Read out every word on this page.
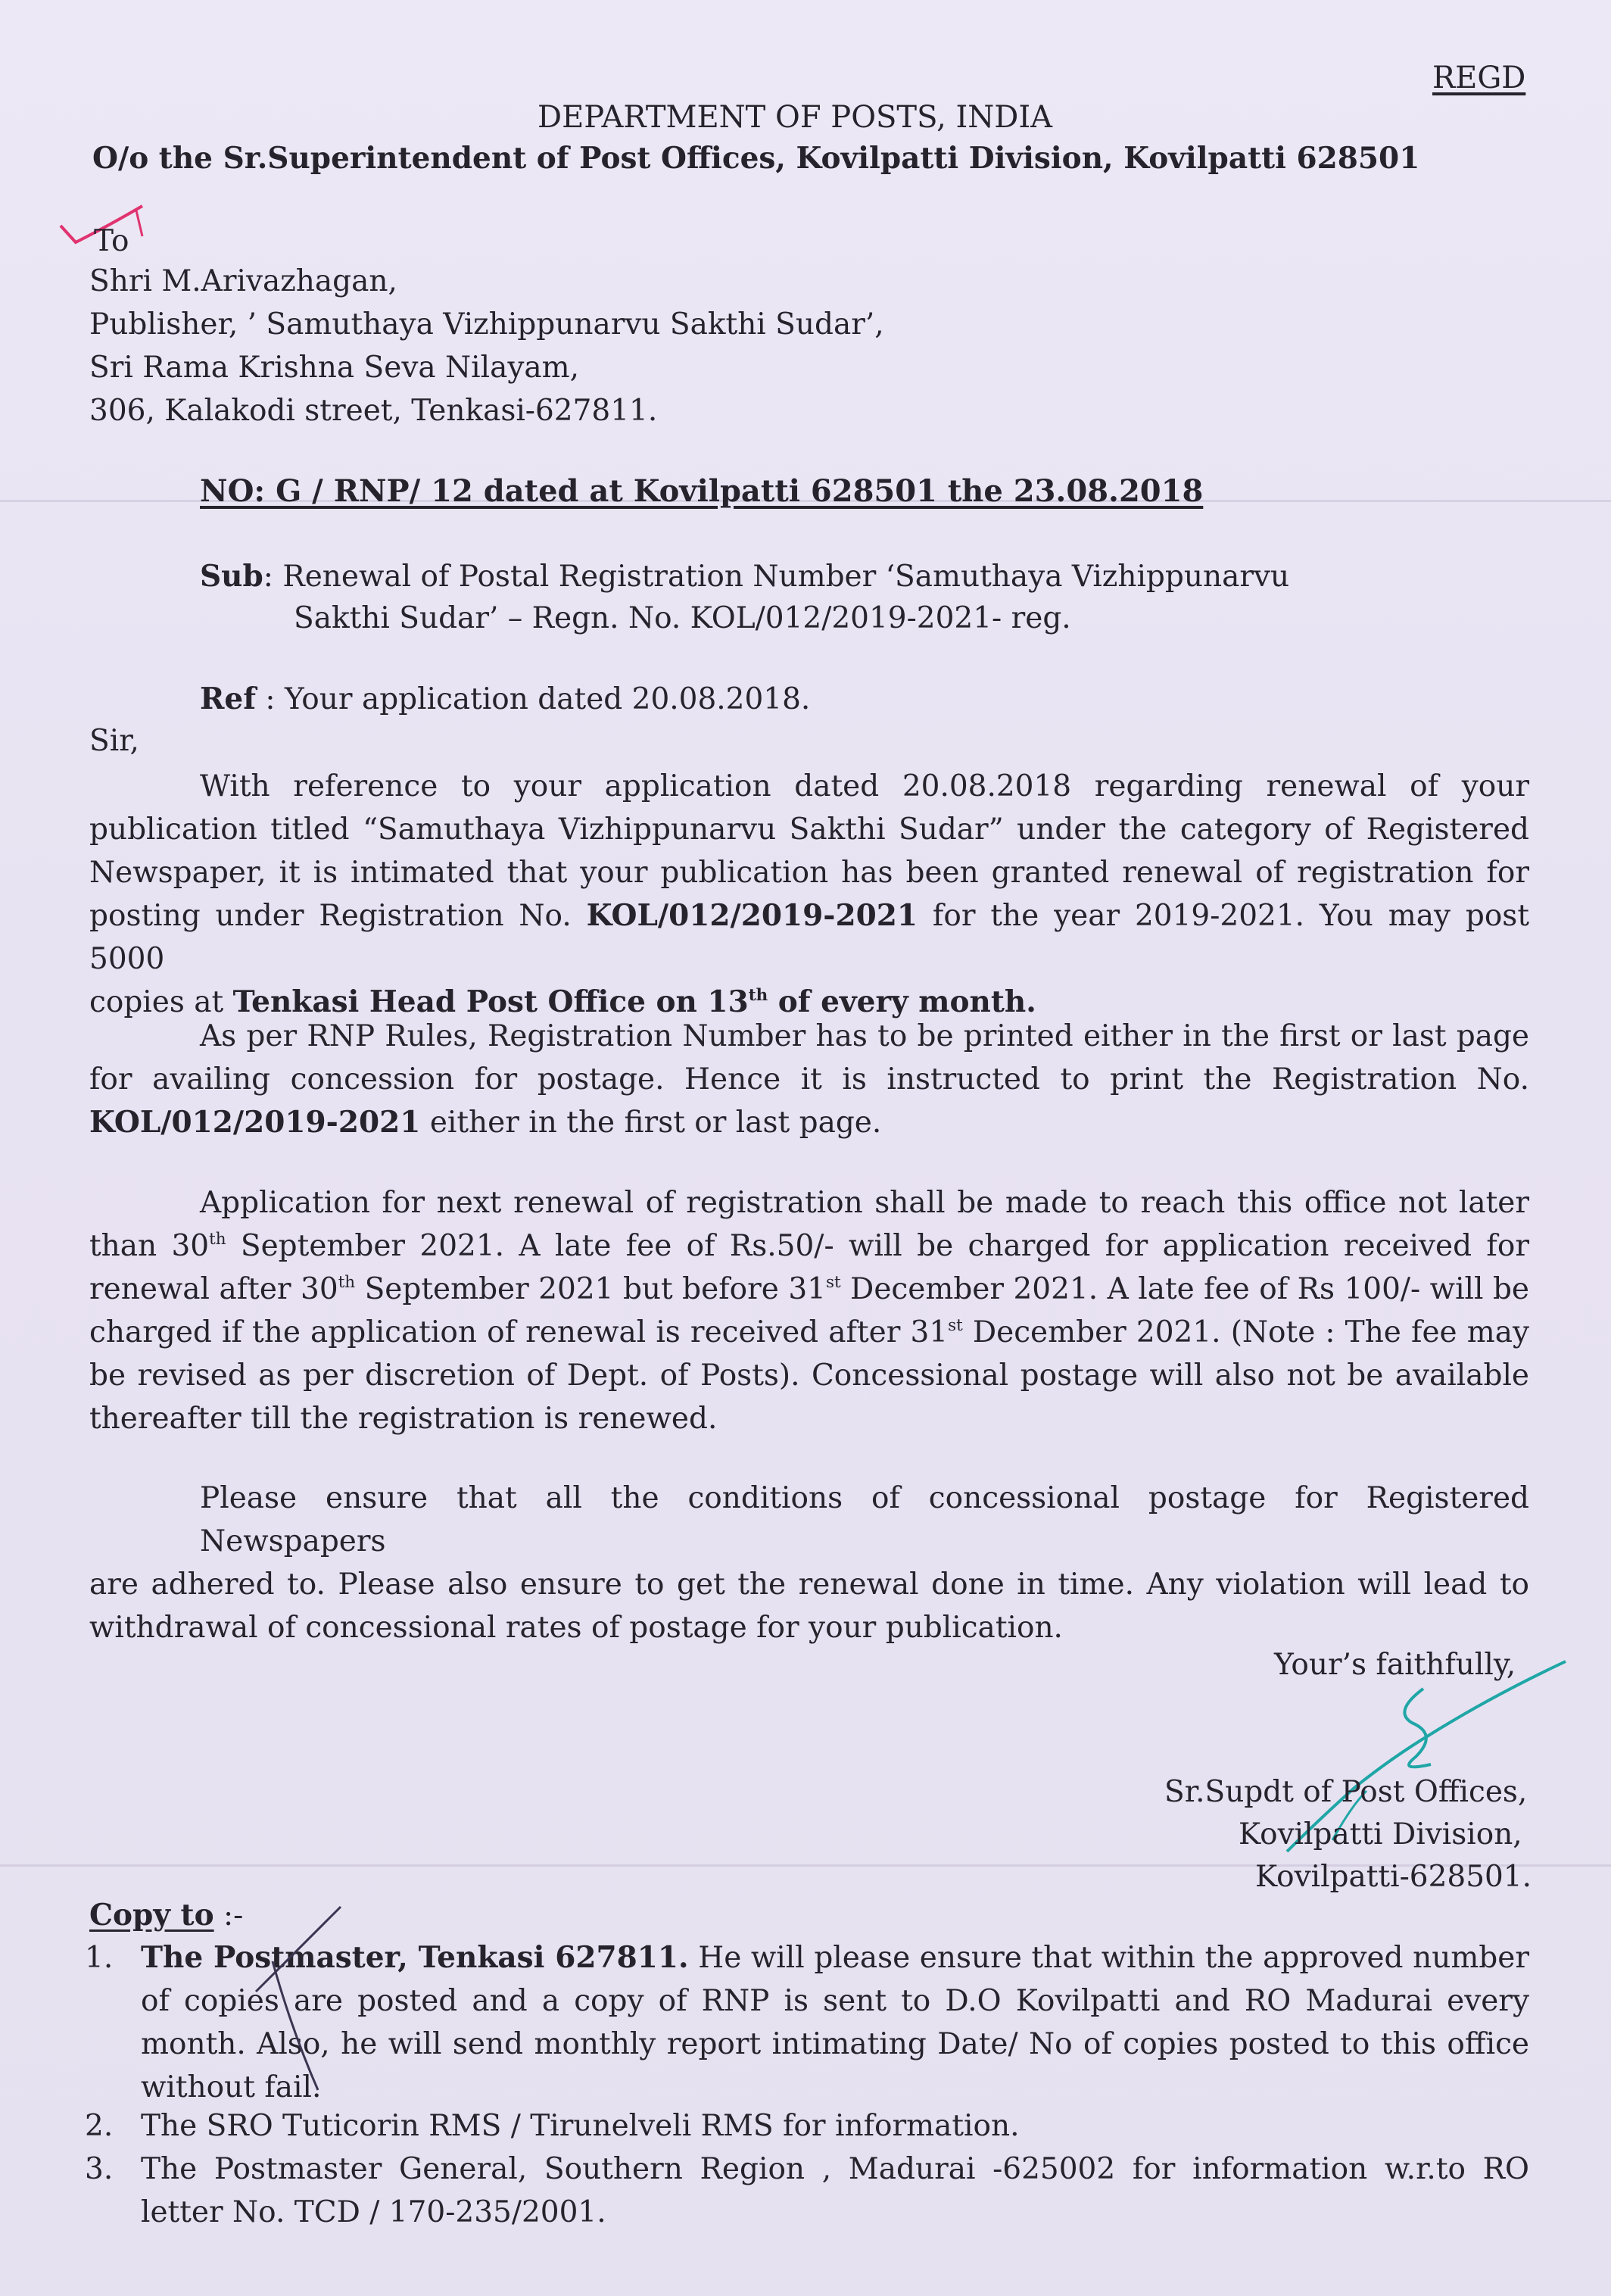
REGD
DEPARTMENT OF POSTS, INDIA
O/o the Sr.Superintendent of Post Offices, Kovilpatti Division, Kovilpatti 628501
To
Shri M.Arivazhagan,
Publisher, ’ Samuthaya Vizhippunarvu Sakthi Sudar’,
Sri Rama Krishna Seva Nilayam,
306, Kalakodi street, Tenkasi-627811.
NO: G / RNP/ 12 dated at Kovilpatti 628501 the 23.08.2018
Sub: Renewal of Postal Registration Number ‘Samuthaya Vizhippunarvu
Sakthi Sudar’ – Regn. No. KOL/012/2019-2021- reg.
Ref : Your application dated 20.08.2018.
Sir,
With reference to your application dated 20.08.2018 regarding renewal of your
publication titled “Samuthaya Vizhippunarvu Sakthi Sudar” under the category of Registered
Newspaper, it is intimated that your publication has been granted renewal of registration for
posting under Registration No. KOL/012/2019-2021 for the year 2019-2021. You may post 5000
copies at Tenkasi Head Post Office on 13th of every month.
As per RNP Rules, Registration Number has to be printed either in the first or last page
for availing concession for postage. Hence it is instructed to print the Registration No.
KOL/012/2019-2021 either in the first or last page.
Application for next renewal of registration shall be made to reach this office not later
than 30th September 2021. A late fee of Rs.50/- will be charged for application received for
renewal after 30th September 2021 but before 31st December 2021. A late fee of Rs 100/- will be
charged if the application of renewal is received after 31st December 2021. (Note : The fee may
be revised as per discretion of Dept. of Posts). Concessional postage will also not be available
thereafter till the registration is renewed.
Please ensure that all the conditions of concessional postage for Registered Newspapers
are adhered to. Please also ensure to get the renewal done in time. Any violation will lead to
withdrawal of concessional rates of postage for your publication.
Your’s faithfully,
Sr.Supdt of Post Offices,
Kovilpatti Division,
Kovilpatti-628501.
Copy to :-
1. The Postmaster, Tenkasi 627811. He will please ensure that within the approved number
of copies are posted and a copy of RNP is sent to D.O Kovilpatti and RO Madurai every
month. Also, he will send monthly report intimating Date/ No of copies posted to this office
without fail.
2. The SRO Tuticorin RMS / Tirunelveli RMS for information.
3. The Postmaster General, Southern Region , Madurai -625002 for information w.r.to RO
letter No. TCD / 170-235/2001.
